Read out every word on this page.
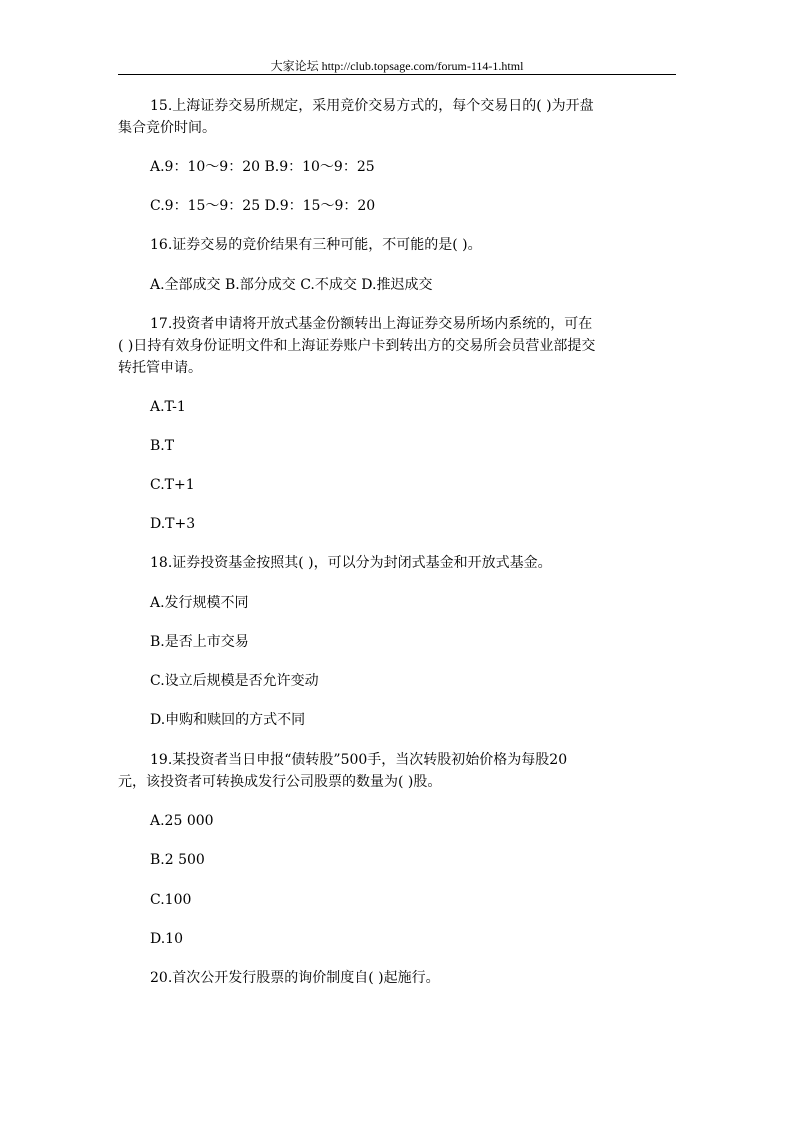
大家论坛 http://club.topsage.com/forum-114-1.html
15.上海证券交易所规定，采用竞价交易方式的，每个交易日的( )为开盘
集合竞价时间。
A.9：10～9：20 B.9：10～9：25
C.9：15～9：25 D.9：15～9：20
16.证券交易的竞价结果有三种可能，不可能的是( )。
A.全部成交 B.部分成交 C.不成交 D.推迟成交
17.投资者申请将开放式基金份额转出上海证券交易所场内系统的，可在
( )日持有效身份证明文件和上海证券账户卡到转出方的交易所会员营业部提交
转托管申请。
A.T-1
B.T
C.T+1
D.T+3
18.证券投资基金按照其( )，可以分为封闭式基金和开放式基金。
A.发行规模不同
B.是否上市交易
C.设立后规模是否允许变动
D.申购和赎回的方式不同
19.某投资者当日申报“债转股”500手，当次转股初始价格为每股20
元，该投资者可转换成发行公司股票的数量为( )股。
A.25 000
B.2 500
C.100
D.10
20.首次公开发行股票的询价制度自( )起施行。
